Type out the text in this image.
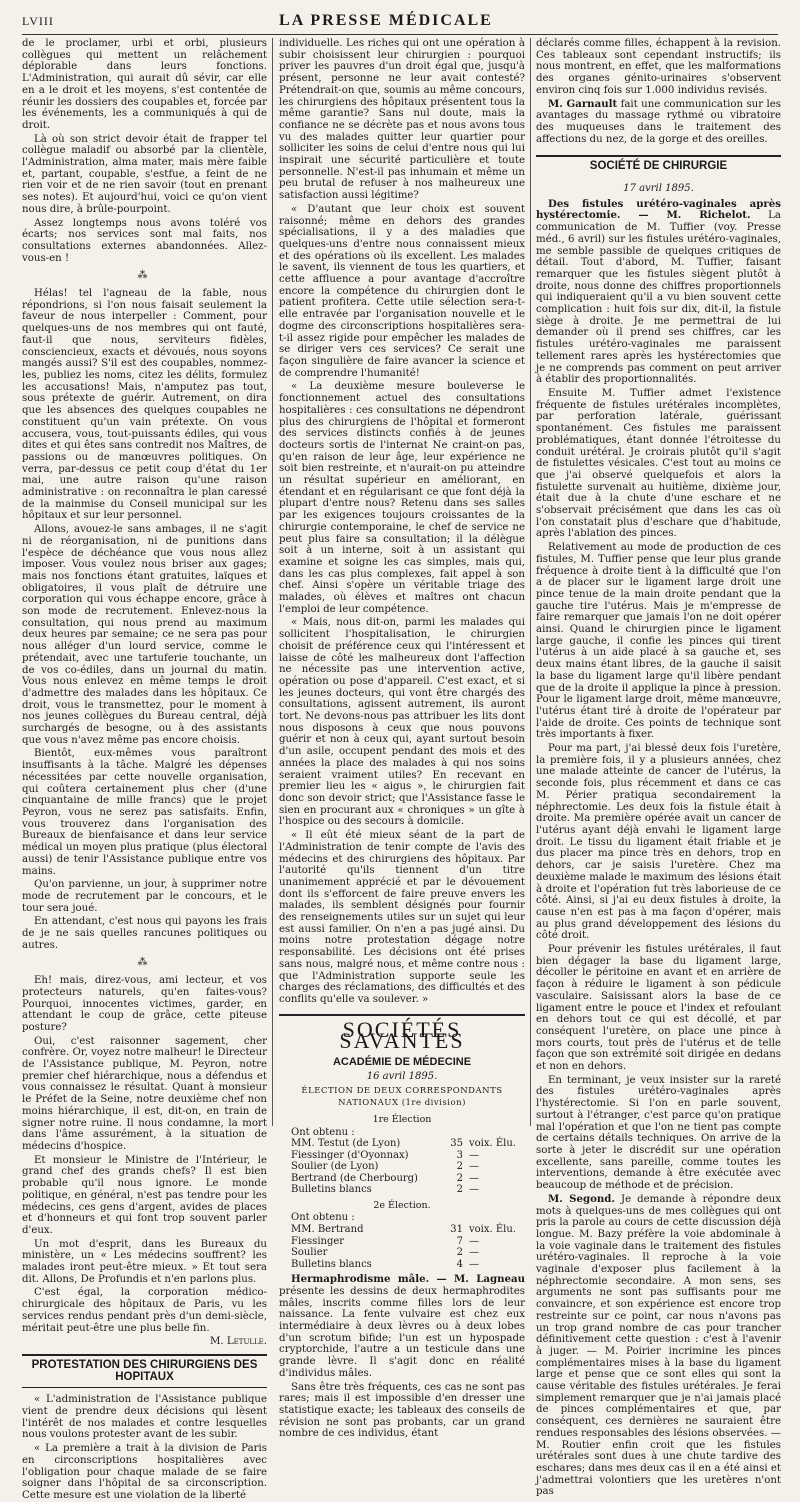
LVIII	LA PRESSE MÉDICALE

de le proclamer, urbi et orbi, plusieurs collègues qui mettent un relâchement déplorable dans leurs fonctions. L'Administration, qui aurait dû sévir, car elle en a le droit et les moyens, s'est contentée de réunir les dossiers des coupables et, forcée par les événements, les a communiqués à qui de droit.

Là où son strict devoir était de frapper tel collègue maladif ou absorbé par la clientèle, l'Administration, alma mater, mais mère faible et, partant, coupable, s'estfue, a feint de ne rien voir et de ne rien savoir (tout en prenant ses notes). Et aujourd'hui, voici ce qu'on vient nous dire, à brûle-pourpoint.

Assez longtemps nous avons toléré vos écarts; nos services sont mal faits, nos consultations externes abandonnées. Allez-vous-en !

⁂

Hélas! tel l'agneau de la fable, nous répondrions, si l'on nous faisait seulement la faveur de nous interpeller : Comment, pour quelques-uns de nos membres qui ont fauté, faut-il que nous, serviteurs fidèles, consciencieux, exacts et dévoués, nous soyons mangés aussi? S'il est des coupables, nommez-les, publiez les noms, citez les délits, formulez les accusations! Mais, n'amputez pas tout, sous prétexte de guérir. Autrement, on dira que les absences des quelques coupables ne constituent qu'un vain prétexte. On vous accusera, vous, tout-puissants édiles, qui vous dites et qui êtes sans contredit nos Maîtres, de passions ou de manœuvres politiques. On verra, par-dessus ce petit coup d'état du 1er mai, une autre raison qu'une raison administrative : on reconnaîtra le plan caressé de la mainmise du Conseil municipal sur les hôpitaux et sur leur personnel.

Allons, avouez-le sans ambages, il ne s'agit ni de réorganisation, ni de punitions dans l'espèce de déchéance que vous nous allez imposer. Vous voulez nous briser aux gages; mais nos fonctions étant gratuites, laïques et obligatoires, il vous plaît de détruire une corporation qui vous échappe encore, grâce à son mode de recrutement. Enlevez-nous la consultation, qui nous prend au maximum deux heures par semaine; ce ne sera pas pour nous alléger d'un lourd service, comme le prétendait, avec une tartuferie touchante, un de vos co-édiles, dans un journal du matin. Vous nous enlevez en même temps le droit d'admettre des malades dans les hôpitaux. Ce droit, vous le transmettez, pour le moment à nos jeunes collègues du Bureau central, déjà surchargés de besogne, ou à des assistants que vous n'avez même pas encore choisis.

Bientôt, eux-mêmes vous paraîtront insuffisants à la tâche. Malgré les dépenses nécessitées par cette nouvelle organisation, qui coûtera certainement plus cher (d'une cinquantaine de mille francs) que le projet Peyron, vous ne serez pas satisfaits. Enfin, vous trouverez dans l'organisation des Bureaux de bienfaisance et dans leur service médical un moyen plus pratique (plus électoral aussi) de tenir l'Assistance publique entre vos mains.

Qu'on parvienne, un jour, à supprimer notre mode de recrutement par le concours, et le tour sera joué.

En attendant, c'est nous qui payons les frais de je ne sais quelles rancunes politiques ou autres.

⁂

Eh! mais, direz-vous, ami lecteur, et vos protecteurs naturels, qu'en faites-vous? Pourquoi, innocentes victimes, garder, en attendant le coup de grâce, cette piteuse posture?

Oui, c'est raisonner sagement, cher confrère. Or, voyez notre malheur! le Directeur de l'Assistance publique, M. Peyron, notre premier chef hiérarchique, nous a défendus et vous connaissez le résultat. Quant à monsieur le Préfet de la Seine, notre deuxième chef non moins hiérarchique, il est, dit-on, en train de signer notre ruine. Il nous condamne, la mort dans l'âme assurément, à la situation de médecins d'hospice.

Et monsieur le Ministre de l'Intérieur, le grand chef des grands chefs? Il est bien probable qu'il nous ignore. Le monde politique, en général, n'est pas tendre pour les médecins, ces gens d'argent, avides de places et d'honneurs et qui font trop souvent parler d'eux.

Un mot d'esprit, dans les Bureaux du ministère, un « Les médecins souffrent? les malades iront peut-être mieux. » Et tout sera dit. Allons, De Profundis et n'en parlons plus.

C'est égal, la corporation médico-chirurgicale des hôpitaux de Paris, vu les services rendus pendant près d'un demi-siècle, méritait peut-être une plus belle fin.

M. Letulle.

PROTESTATION DES CHIRURGIENS DES HOPITAUX

« L'administration de l'Assistance publique vient de prendre deux décisions qui lèsent l'intérêt de nos malades et contre lesquelles nous voulons protester avant de les subir.

« La première a trait à la division de Paris en circonscriptions hospitalières avec l'obligation pour chaque malade de se faire soigner dans l'hôpital de sa circonscription. Cette mesure est une violation de la liberté

individuelle. Les riches qui ont une opération à subir choisissent leur chirurgien : pourquoi priver les pauvres d'un droit égal que, jusqu'à présent, personne ne leur avait contesté? Prétendrait-on que, soumis au même concours, les chirurgiens des hôpitaux présentent tous la même garantie? Sans nul doute, mais la confiance ne se décrète pas et nous avons tous vu des malades quitter leur quartier pour solliciter les soins de celui d'entre nous qui lui inspirait une sécurité particulière et toute personnelle. N'est-il pas inhumain et même un peu brutal de refuser à nos malheureux une satisfaction aussi légitime?

« D'autant que leur choix est souvent raisonné; même en dehors des grandes spécialisations, il y a des maladies que quelques-uns d'entre nous connaissent mieux et des opérations où ils excellent. Les malades le savent, ils viennent de tous les quartiers, et cette affluence a pour avantage d'accroître encore la compétence du chirurgien dont le patient profitera. Cette utile sélection sera-t-elle entravée par l'organisation nouvelle et le dogme des circonscriptions hospitalières sera-t-il assez rigide pour empêcher les malades de se diriger vers ces services? Ce serait une façon singulière de faire avancer la science et de comprendre l'humanité!

« La deuxième mesure bouleverse le fonctionnement actuel des consultations hospitalières : ces consultations ne dépendront plus des chirurgiens de l'hôpital et formeront des services distincts confiés à de jeunes docteurs sortis de l'internat Ne craint-on pas, qu'en raison de leur âge, leur expérience ne soit bien restreinte, et n'aurait-on pu atteindre un résultat supérieur en améliorant, en étendant et en régularisant ce que font déjà la plupart d'entre nous? Retenu dans ses salles par les exigences toujours croissantes de la chirurgie contemporaine, le chef de service ne peut plus faire sa consultation; il la délègue soit à un interne, soit à un assistant qui examine et soigne les cas simples, mais qui, dans les cas plus complexes, fait appel à son chef. Ainsi s'opère un véritable triage des malades, où élèves et maîtres ont chacun l'emploi de leur compétence.

« Mais, nous dit-on, parmi les malades qui sollicitent l'hospitalisation, le chirurgien choisit de préférence ceux qui l'intéressent et laisse de côté les malheureux dont l'affection ne nécessite pas une intervention active, opération ou pose d'appareil. C'est exact, et si les jeunes docteurs, qui vont être chargés des consultations, agissent autrement, ils auront tort. Ne devons-nous pas attribuer les lits dont nous disposons à ceux que nous pouvons guérir et non à ceux qui, ayant surtout besoin d'un asile, occupent pendant des mois et des années la place des malades à qui nos soins seraient vraiment utiles? En recevant en premier lieu les « aigus », le chirurgien fait donc son devoir strict; que l'Assistance fasse le sien en procurant aux « chroniques » un gîte à l'hospice ou des secours à domicile.

« Il eût été mieux séant de la part de l'Administration de tenir compte de l'avis des médecins et des chirurgiens des hôpitaux. Par l'autorité qu'ils tiennent d'un titre unanimement apprécié et par le dévouement dont ils s'efforcent de faire preuve envers les malades, ils semblent désignés pour fournir des renseignements utiles sur un sujet qui leur est aussi familier. On n'en a pas jugé ainsi. Du moins notre protestation dégage notre responsabilité. Les décisions ont été prises sans nous, malgré nous, et même contre nous : que l'Administration supporte seule les charges des réclamations, des difficultés et des conflits qu'elle va soulever. »

SOCIÉTÉS SAVANTES
ACADÉMIE DE MÉDECINE
16 avril 1895.
ÉLECTION DE DEUX CORRESPONDANTS NATIONAUX (1re division)
1re Élection
Ont obtenu :
MM. Testut (de Lyon)	35 voix. Élu.
Fiessinger (d'Oyonnax)	3 —
Soulier (de Lyon)	2 —
Bertrand (de Cherbourg)	2 —
Bulletins blancs	2 —
2e Élection.
Ont obtenu :
MM. Bertrand	31 voix. Élu.
Fiessinger	7 —
Soulier	2 —
Bulletins blancs	4 —

Hermaphrodisme mâle. — M. Lagneau présente les dessins de deux hermaphrodites mâles, inscrits comme filles lors de leur naissance. La fente vulvaire est chez eux intermédiaire à deux lèvres ou à deux lobes d'un scrotum bifide; l'un est un hypospade cryptorchide, l'autre a un testicule dans une grande lèvre. Il s'agit donc en réalité d'individus mâles.

Sans être très fréquents, ces cas ne sont pas rares; mais il est impossible d'en dresser une statistique exacte; les tableaux des conseils de révision ne sont pas probants, car un grand nombre de ces individus, étant

déclarés comme filles, échappent à la revision. Ces tableaux sont cependant instructifs; ils nous montrent, en effet, que les malformations des organes génito-urinaires s'observent environ cinq fois sur 1.000 individus revisés.

M. Garnault fait une communication sur les avantages du massage rythmé ou vibratoire des muqueuses dans le traitement des affections du nez, de la gorge et des oreilles.

SOCIÉTÉ DE CHIRURGIE
17 avril 1895.

Des fistules urétéro-vaginales après hystérectomie. — M. Richelot. La communication de M. Tuffier (voy. Presse méd., 6 avril) sur les fistules urétéro-vaginales, me semble passible de quelques critiques de détail. Tout d'abord, M. Tuffier, faisant remarquer que les fistules siègent plutôt à droite, nous donne des chiffres proportionnels qui indiqueraient qu'il a vu bien souvent cette complication : huit fois sur dix, dit-il, la fistule siège à droite. Je me permettrai de lui demander où il prend ses chiffres, car les fistules urétéro-vaginales me paraissent tellement rares après les hystérectomies que je ne comprends pas comment on peut arriver à établir des proportionnalités.

Ensuite M. Tuffier admet l'existence fréquente de fistules urétérales incomplètes, par perforation latérale, guérissant spontanément. Ces fistules me paraissent problématiques, étant donnée l'étroitesse du conduit urétéral. Je croirais plutôt qu'il s'agit de fistulettes vésicales. C'est tout au moins ce que j'ai observé quelquefois et alors la fistulette survenait au huitième, dixième jour, était due à la chute d'une eschare et ne s'observait précisément que dans les cas où l'on constatait plus d'eschare que d'habitude, après l'ablation des pinces.

Relativement au mode de production de ces fistules, M. Tuffier pense que leur plus grande fréquence à droite tient à la difficulté que l'on a de placer sur le ligament large droit une pince tenue de la main droite pendant que la gauche tire l'utérus. Mais je m'empresse de faire remarquer que jamais l'on ne doit opérer ainsi. Quand le chirurgien pince le ligament large gauche, il confie les pinces qui tirent l'utérus à un aide placé à sa gauche et, ses deux mains étant libres, de la gauche il saisit la base du ligament large qu'il libère pendant que de la droite il applique la pince à pression. Pour le ligament large droit, même manœuvre, l'utérus étant tiré à droite de l'opérateur par l'aide de droite. Ces points de technique sont très importants à fixer.

Pour ma part, j'ai blessé deux fois l'uretère, la première fois, il y a plusieurs années, chez une malade atteinte de cancer de l'utérus, la seconde fois, plus récemment et dans ce cas M. Périer pratiqua secondairement la néphrectomie. Les deux fois la fistule était à droite. Ma première opérée avait un cancer de l'utérus ayant déjà envahi le ligament large droit. Le tissu du ligament était friable et je dus placer ma pince très en dehors, trop en dehors, car je saisis l'uretère. Chez ma deuxième malade le maximum des lésions était à droite et l'opération fut très laborieuse de ce côté. Ainsi, si j'ai eu deux fistules à droite, la cause n'en est pas à ma façon d'opérer, mais au plus grand développement des lésions du côté droit.

Pour prévenir les fistules urétérales, il faut bien dégager la base du ligament large, décoller le péritoine en avant et en arrière de façon à réduire le ligament à son pédicule vasculaire. Saisissant alors la base de ce ligament entre le pouce et l'index et refoulant en dehors tout ce qui est décollé, et par conséquent l'uretère, on place une pince à mors courts, tout près de l'utérus et de telle façon que son extrémité soit dirigée en dedans et non en dehors.

En terminant, je veux insister sur la rareté des fistules urétéro-vaginales après l'hystérectomie. Si l'on en parle souvent, surtout à l'étranger, c'est parce qu'on pratique mal l'opération et que l'on ne tient pas compte de certains détails techniques. On arrive de la sorte à jeter le discrédit sur une opération excellente, sans pareille, comme toutes les interventions, demande à être exécutée avec beaucoup de méthode et de précision.

M. Segond. Je demande à répondre deux mots à quelques-uns de mes collègues qui ont pris la parole au cours de cette discussion déjà longue. M. Bazy préfère la voie abdominale à la voie vaginale dans le traitement des fistules urétéro-vaginales. Il reproche à la voie vaginale d'exposer plus facilement à la néphrectomie secondaire. A mon sens, ses arguments ne sont pas suffisants pour me convaincre, et son expérience est encore trop restreinte sur ce point, car nous n'avons pas un trop grand nombre de cas pour trancher définitivement cette question : c'est à l'avenir à juger. — M. Poirier incrimine les pinces complémentaires mises à la base du ligament large et pense que ce sont elles qui sont la cause véritable des fistules urétérales. Je ferai simplement remarquer que je n'ai jamais placé de pinces complémentaires et que, par conséquent, ces dernières ne sauraient être rendues responsables des lésions observées. — M. Routier enfin croit que les fistules urétérales sont dues à une chute tardive des eschares; dans mes deux cas il en a été ainsi et j'admettrai volontiers que les uretères n'ont pas
